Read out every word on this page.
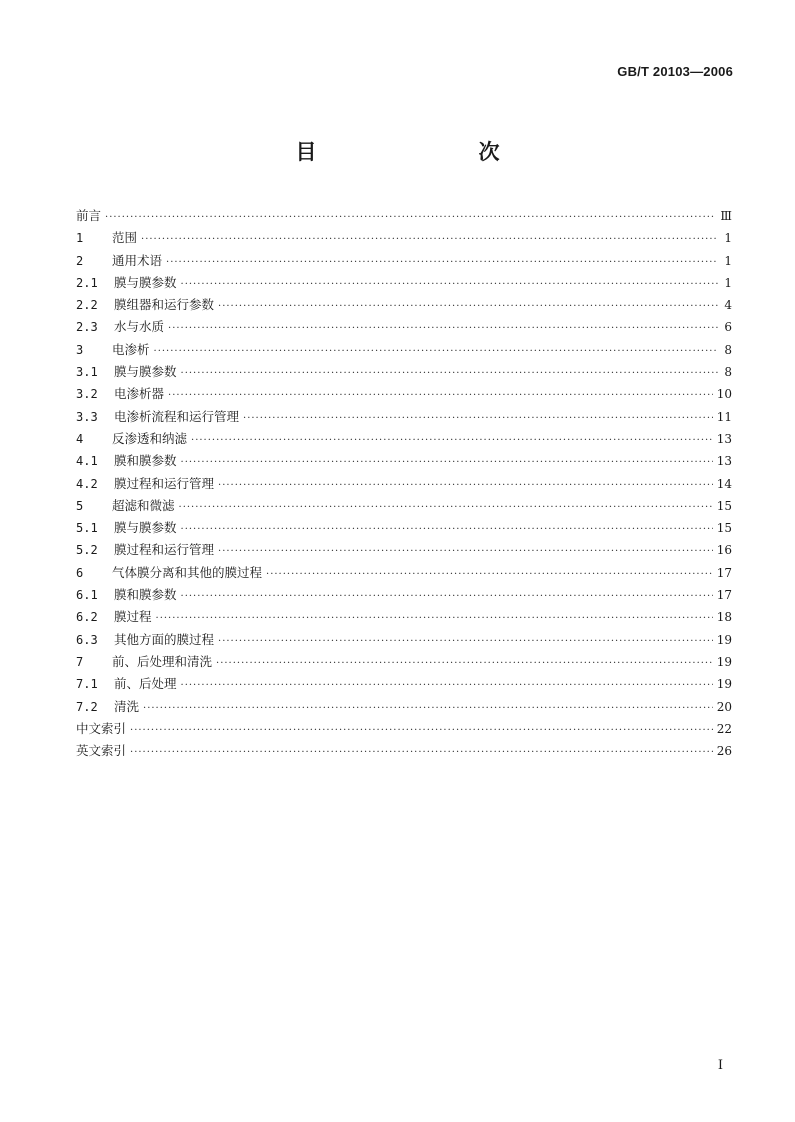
GB/T 20103—2006
目　　次
前言 ·····	Ⅲ
1	范围 ·····	1
2	通用术语 ·····	1
2.1	膜与膜参数 ·····	1
2.2	膜组器和运行参数 ·····	4
2.3	水与水质 ·····	6
3	电渗析 ·····	8
3.1	膜与膜参数 ·····	8
3.2	电渗析器 ·····	10
3.3	电渗析流程和运行管理 ·····	11
4	反渗透和纳滤 ·····	13
4.1	膜和膜参数 ·····	13
4.2	膜过程和运行管理 ·····	14
5	超滤和微滤 ·····	15
5.1	膜与膜参数 ·····	15
5.2	膜过程和运行管理 ·····	16
6	气体膜分离和其他的膜过程 ·····	17
6.1	膜和膜参数 ·····	17
6.2	膜过程 ·····	18
6.3	其他方面的膜过程 ·····	19
7	前、后处理和清洗 ·····	19
7.1	前、后处理 ·····	19
7.2	清洗 ·····	20
中文索引 ·····	22
英文索引 ·····	26
I
